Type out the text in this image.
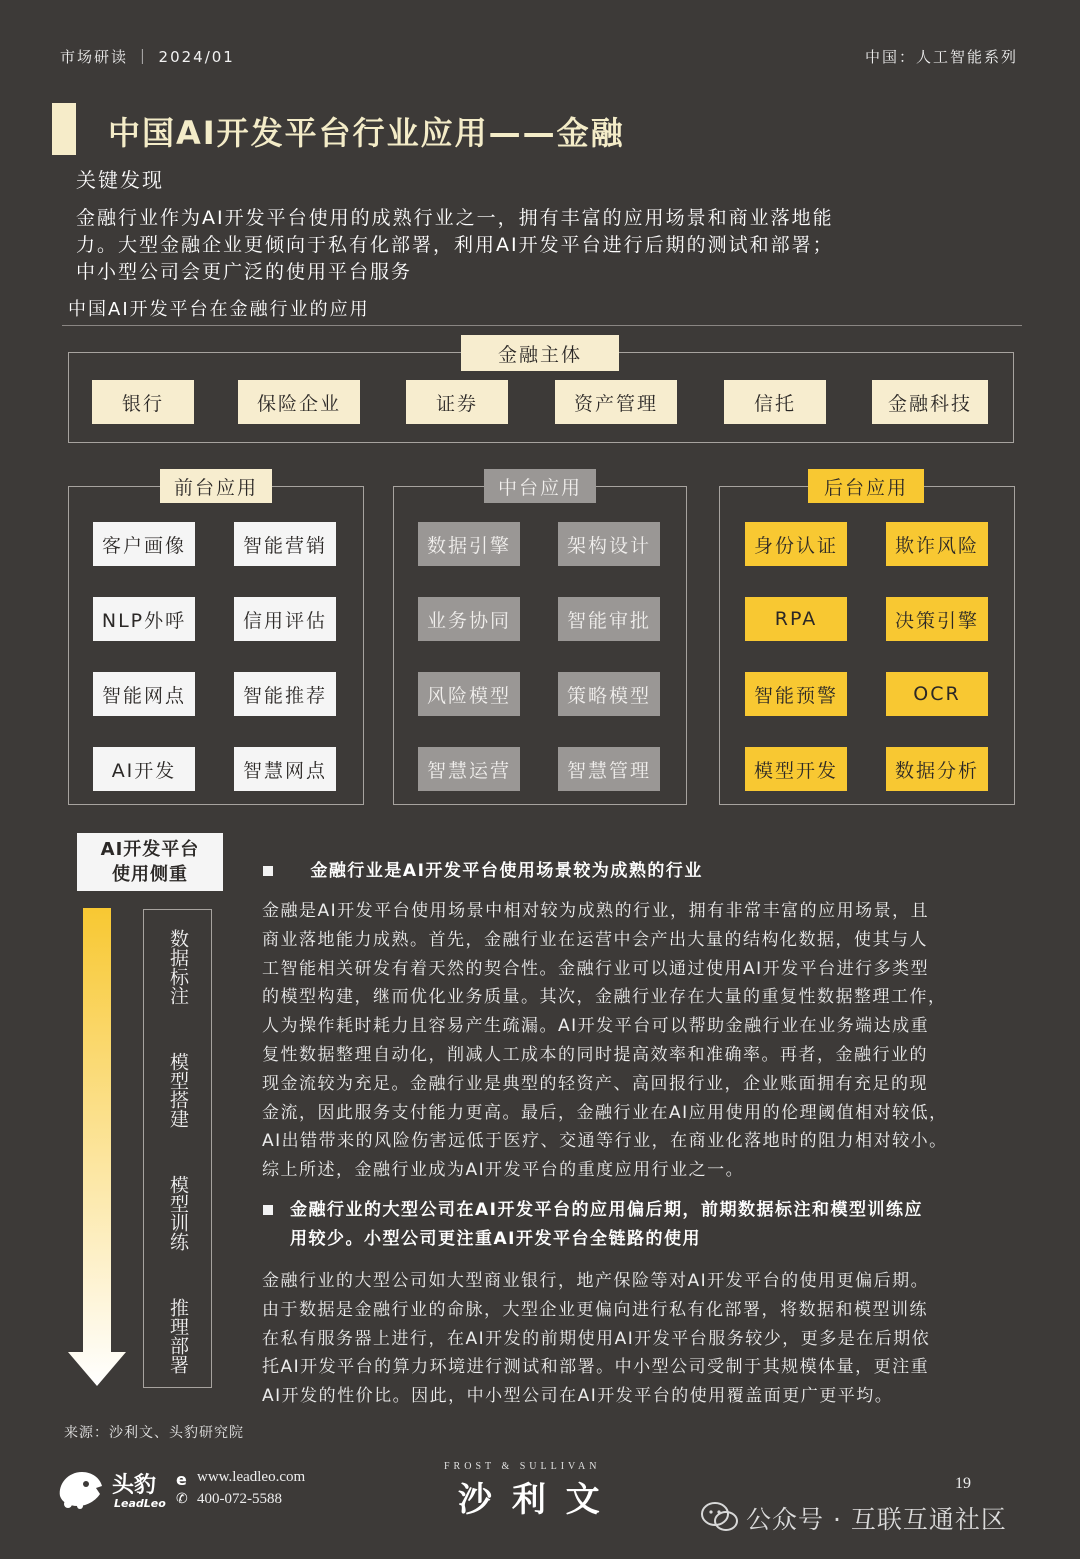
市场研读 ｜ 2024/01	中国：人工智能系列
中国AI开发平台行业应用——金融
关键发现
金融行业作为AI开发平台使用的成熟行业之一，拥有丰富的应用场景和商业落地能
力。大型金融企业更倾向于私有化部署，利用AI开发平台进行后期的测试和部署；
中小型公司会更广泛的使用平台服务
中国AI开发平台在金融行业的应用
金融主体
银行	保险企业	证券	资产管理	信托	金融科技
前台应用
客户画像	智能营销
NLP外呼	信用评估
智能网点	智能推荐
AI开发	智慧网点
中台应用
数据引擎	架构设计
业务协同	智能审批
风险模型	策略模型
智慧运营	智慧管理
后台应用
身份认证	欺诈风险
RPA	决策引擎
智能预警	OCR
模型开发	数据分析
AI开发平台
使用侧重
数据标注
模型搭建
模型训练
推理部署
金融行业是AI开发平台使用场景较为成熟的行业
金融是AI开发平台使用场景中相对较为成熟的行业，拥有非常丰富的应用场景，且
商业落地能力成熟。首先，金融行业在运营中会产出大量的结构化数据，使其与人
工智能相关研发有着天然的契合性。金融行业可以通过使用AI开发平台进行多类型
的模型构建，继而优化业务质量。其次，金融行业存在大量的重复性数据整理工作，
人为操作耗时耗力且容易产生疏漏。AI开发平台可以帮助金融行业在业务端达成重
复性数据整理自动化，削减人工成本的同时提高效率和准确率。再者，金融行业的
现金流较为充足。金融行业是典型的轻资产、高回报行业，企业账面拥有充足的现
金流，因此服务支付能力更高。最后，金融行业在AI应用使用的伦理阈值相对较低，
AI出错带来的风险伤害远低于医疗、交通等行业，在商业化落地时的阻力相对较小。
综上所述，金融行业成为AI开发平台的重度应用行业之一。
金融行业的大型公司在AI开发平台的应用偏后期，前期数据标注和模型训练应
用较少。小型公司更注重AI开发平台全链路的使用
金融行业的大型公司如大型商业银行，地产保险等对AI开发平台的使用更偏后期。
由于数据是金融行业的命脉，大型企业更偏向进行私有化部署，将数据和模型训练
在私有服务器上进行，在AI开发的前期使用AI开发平台服务较少，更多是在后期依
托AI开发平台的算力环境进行测试和部署。中小型公司受制于其规模体量，更注重
AI开发的性价比。因此，中小型公司在AI开发平台的使用覆盖面更广更平均。
来源：沙利文、头豹研究院
头豹
LeadLeo
e www.leadleo.com
✆ 400-072-5588
FROST & SULLIVAN
沙 利 文	19
公众号 · 互联互通社区
